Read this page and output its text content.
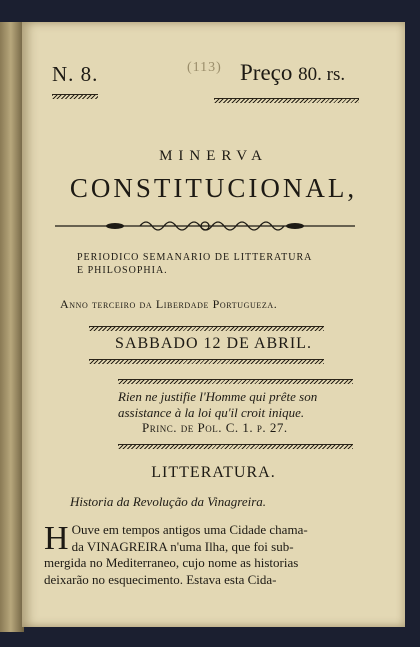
N. 8.	(113) Preço 80. rs.
MINERVA
CONSTITUCIONAL,
PERIODICO SEMANARIO DE LITTERATURA
E PHILOSOPHIA.
Anno terceiro da Liberdade Portugueza.
SABBADO 12 DE ABRIL.
Rien ne justifie l'Homme qui prête son
assistance à la loi qu'il croit inique.
Princ. de Pol. C. 1. p. 27.
LITTERATURA.
Historia da Revolução da Vinagreira.
H Ouve em tempos antigos uma Cidade chama-
da VINAGREIRA n'uma Ilha, que foi sub-
mergida no Mediterraneo, cujo nome as historias
deixarão no esquecimento. Estava esta Cida-
